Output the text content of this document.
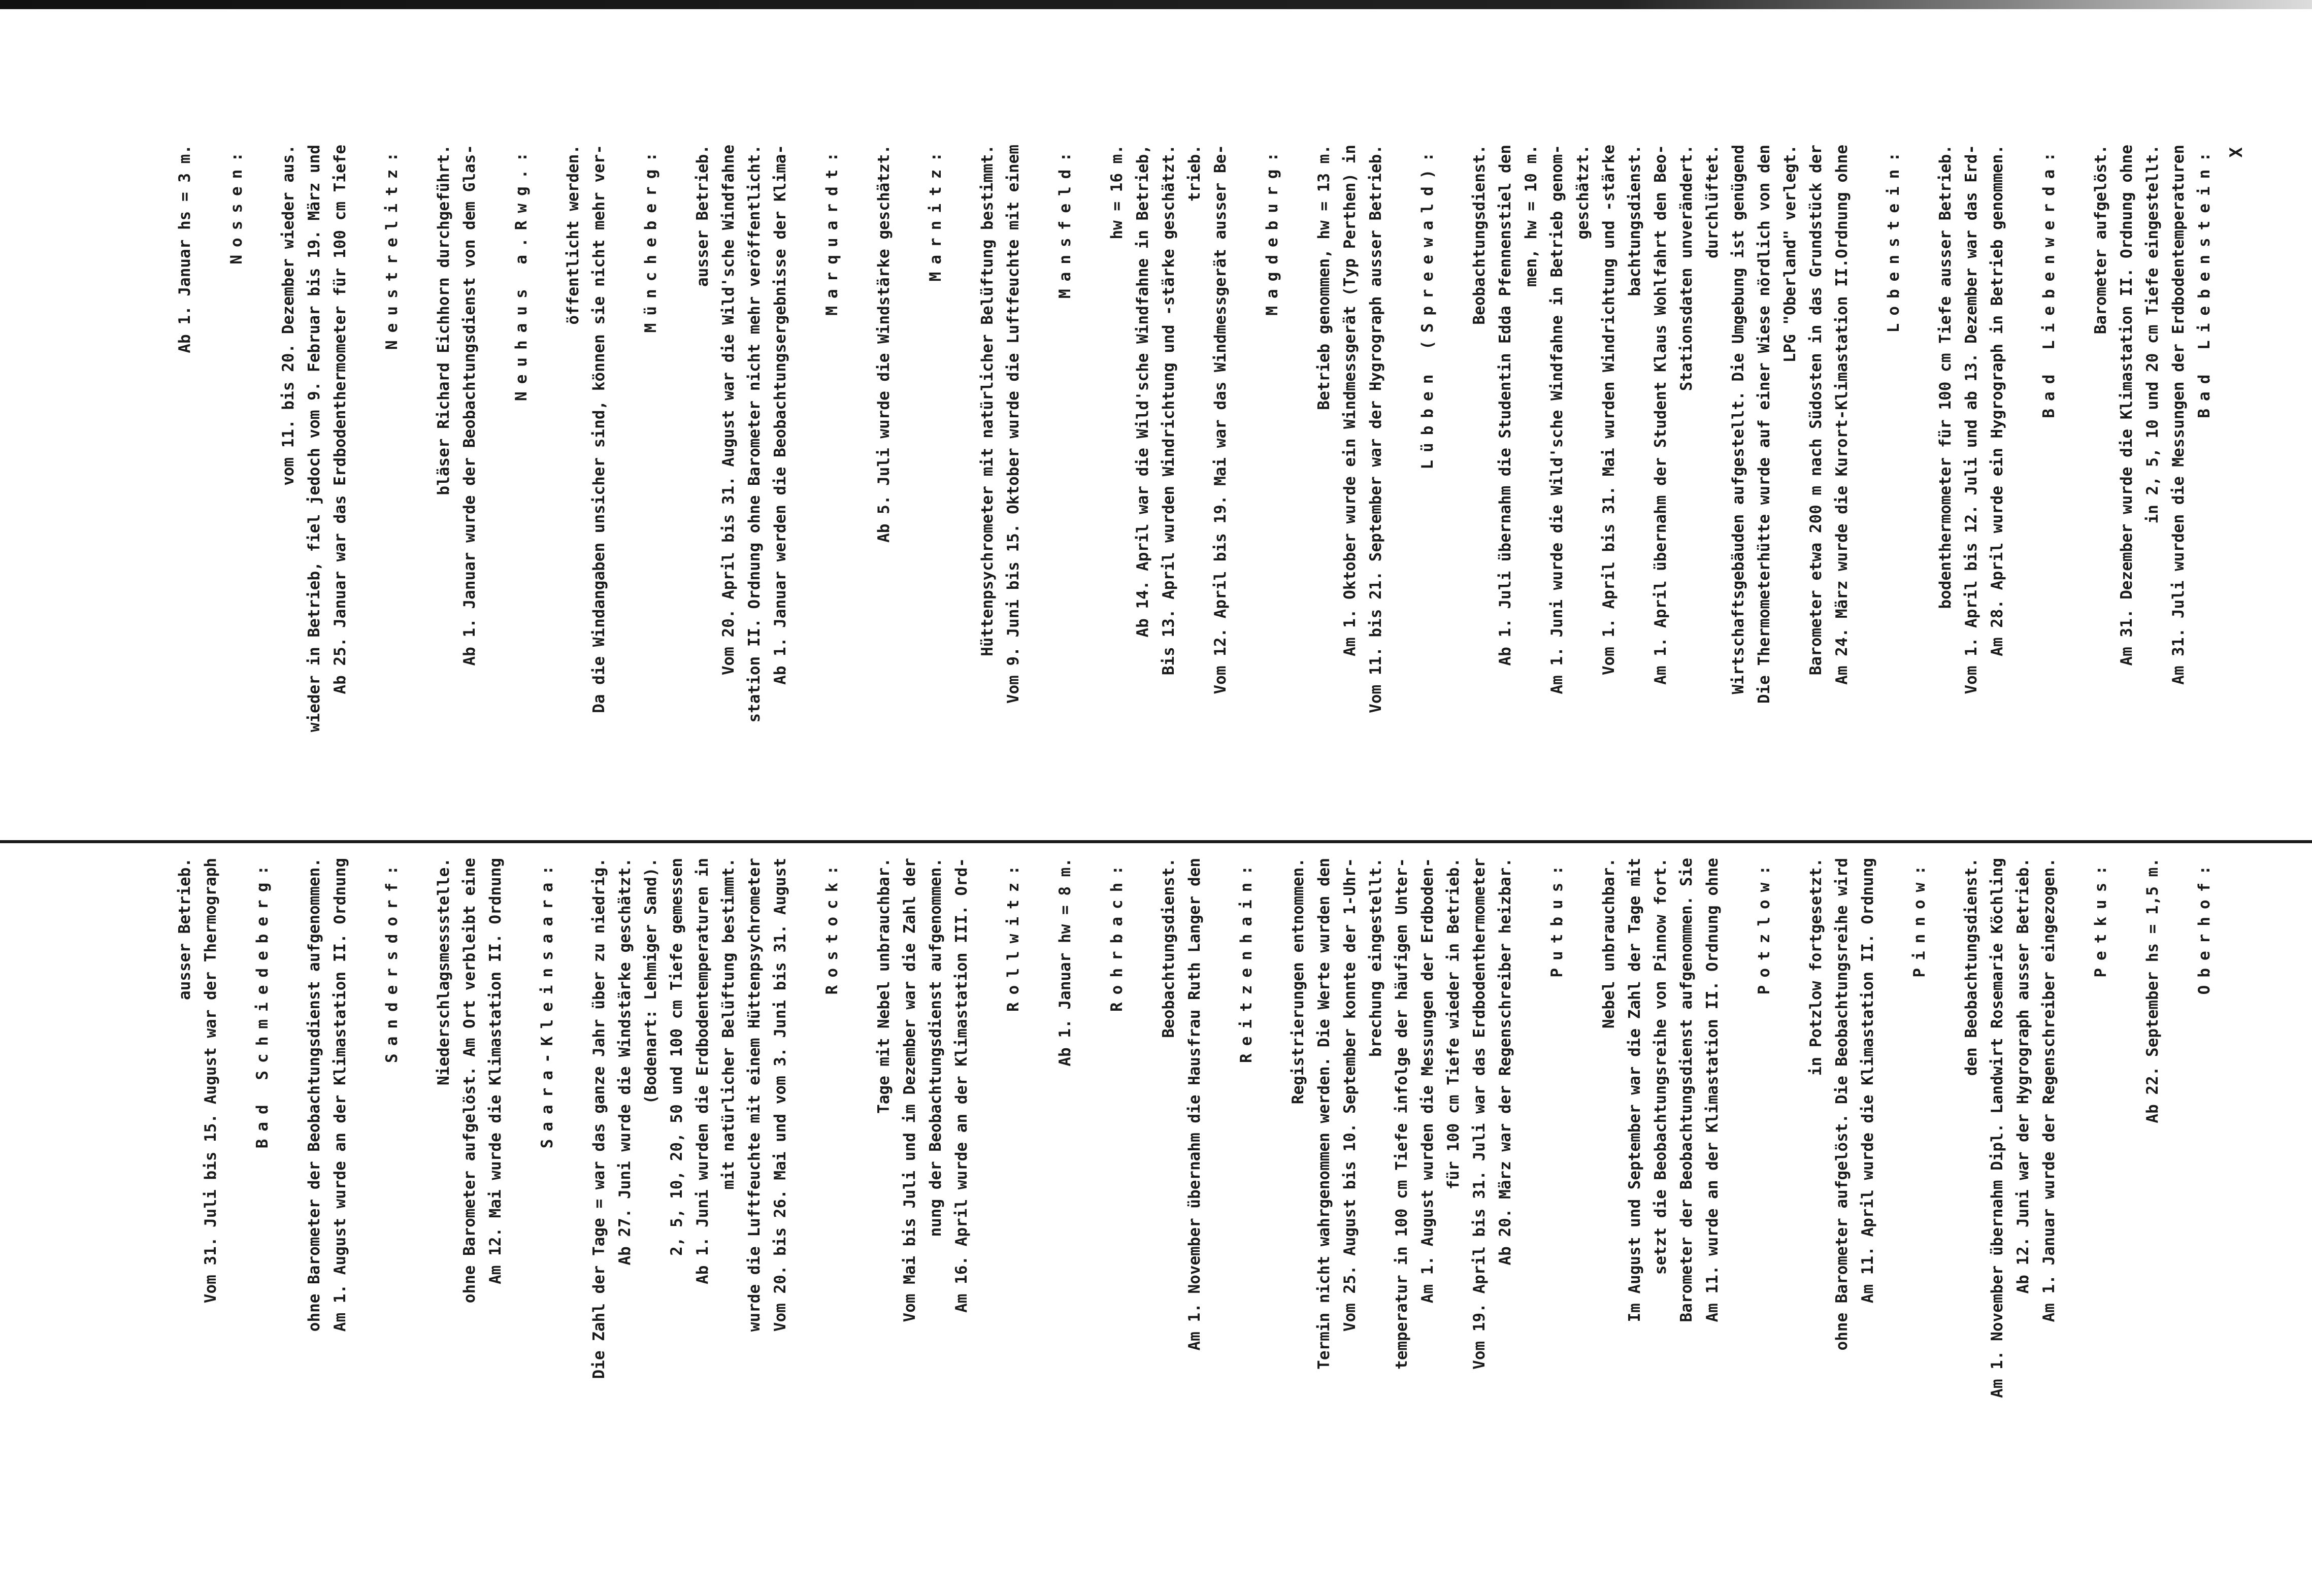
X
Bad Liebenstein:
Am 31. Juli wurden die Messungen der Erdbodentemperaturen
in 2, 5, 10 und 20 cm Tiefe eingestellt.
Am 31. Dezember wurde die Klimastation II. Ordnung ohne
Barometer aufgelöst.
Bad Liebenwerda:
Am 28. April wurde ein Hygrograph in Betrieb genommen.
Vom 1. April bis 12. Juli und ab 13. Dezember war das Erd-
bodenthermometer für 100 cm Tiefe ausser Betrieb.
Lobenstein:
Am 24. März wurde die Kurort-Klimastation II.Ordnung ohne
Barometer etwa 200 m nach Südosten in das Grundstück der
LPG "Oberland" verlegt.
Die Thermometerhütte wurde auf einer Wiese nördlich von den
Wirtschaftsgebäuden aufgestellt. Die Umgebung ist genügend
durchlüftet.
Stationsdaten unverändert.
Am 1. April übernahm der Student Klaus Wohlfahrt den Beo-
bachtungsdienst.
Vom 1. April bis 31. Mai wurden Windrichtung und -stärke
geschätzt.
Am 1. Juni wurde die Wild'sche Windfahne in Betrieb genom-
men, hw = 10 m.
Ab 1. Juli übernahm die Studentin Edda Pfennenstiel den
Beobachtungsdienst.
Lübben (Spreewald):
Vom 11. bis 21. September war der Hygrograph ausser Betrieb.
Am 1. Oktober wurde ein Windmessgerät (Typ Perthen) in
Betrieb genommen, hw = 13 m.
Magdeburg:
Vom 12. April bis 19. Mai war das Windmessgerät ausser Be-
trieb.
Bis 13. April wurden Windrichtung und -stärke geschätzt.
Ab 14. April war die Wild'sche Windfahne in Betrieb,
hw = 16 m.
Mansfeld:
Vom 9. Juni bis 15. Oktober wurde die Luftfeuchte mit einem
Hüttenpsychrometer mit natürlicher Belüftung bestimmt.
Marnitz:
Ab 5. Juli wurde die Windstärke geschätzt.
Marquardt:
Ab 1. Januar werden die Beobachtungsergebnisse der Klima-
station II. Ordnung ohne Barometer nicht mehr veröffentlicht.
Vom 20. April bis 31. August war die Wild'sche Windfahne
ausser Betrieb.
Müncheberg:
Da die Windangaben unsicher sind, können sie nicht mehr ver-
öffentlicht werden.
Neuhaus a.Rwg.:
Ab 1. Januar wurde der Beobachtungsdienst von dem Glas-
bläser Richard Eichhorn durchgeführt.
Neustrelitz:
Ab 25. Januar war das Erdbodenthermometer für 100 cm Tiefe
wieder in Betrieb, fiel jedoch vom 9. Februar bis 19. März und
vom 11. bis 20. Dezember wieder aus.
Nossen:
Ab 1. Januar hs = 3 m.
Oberhof:
Ab 22. September hs = 1,5 m.
Petkus:
Am 1. Januar wurde der Regenschreiber eingezogen.
Ab 12. Juni war der Hygrograph ausser Betrieb.
Am 1. November übernahm Dipl. Landwirt Rosemarie Köchling
den Beobachtungsdienst.
Pinnow:
Am 11. April wurde die Klimastation II. Ordnung
ohne Barometer aufgelöst. Die Beobachtungsreihe wird
in Potzlow fortgesetzt.
Potzlow:
Am 11. wurde an der Klimastation II. Ordnung ohne
Barometer der Beobachtungsdienst aufgenommen. Sie
setzt die Beobachtungsreihe von Pinnow fort.
Im August und September war die Zahl der Tage mit
Nebel unbrauchbar.
Putbus:
Ab 20. März war der Regenschreiber heizbar.
Vom 19. April bis 31. Juli war das Erdbodenthermometer
für 100 cm Tiefe wieder in Betrieb.
Am 1. August wurden die Messungen der Erdboden-
temperatur in 100 cm Tiefe infolge der häufigen Unter-
brechung eingestellt.
Vom 25. August bis 10. September konnte der 1-Uhr-
Termin nicht wahrgenommen werden. Die Werte wurden den
Registrierungen entnommen.
Reitzenhain:
Am 1. November übernahm die Hausfrau Ruth Langer den
Beobachtungsdienst.
Rohrbach:
Ab 1. Januar hw = 8 m.
Rollwitz:
Am 16. April wurde an der Klimastation III. Ord-
nung der Beobachtungsdienst aufgenommen.
Vom Mai bis Juli und im Dezember war die Zahl der
Tage mit Nebel unbrauchbar.
Rostock:
Vom 20. bis 26. Mai und vom 3. Juni bis 31. August
wurde die Luftfeuchte mit einem Hüttenpsychrometer
mit natürlicher Belüftung bestimmt.
Ab 1. Juni wurden die Erdbodentemperaturen in
2, 5, 10, 20, 50 und 100 cm Tiefe gemessen
(Bodenart: Lehmiger Sand).
Ab 27. Juni wurde die Windstärke geschätzt.
Die Zahl der Tage = war das ganze Jahr über zu niedrig.
Saara-Kleinsaara:
Am 12. Mai wurde die Klimastation II. Ordnung
ohne Barometer aufgelöst. Am Ort verbleibt eine
Niederschlagsmessstelle.
Sandersdorf:
Am 1. August wurde an der Klimastation II. Ordnung
ohne Barometer der Beobachtungsdienst aufgenommen.
Bad Schmiedeberg:
Vom 31. Juli bis 15. August war der Thermograph
ausser Betrieb.
